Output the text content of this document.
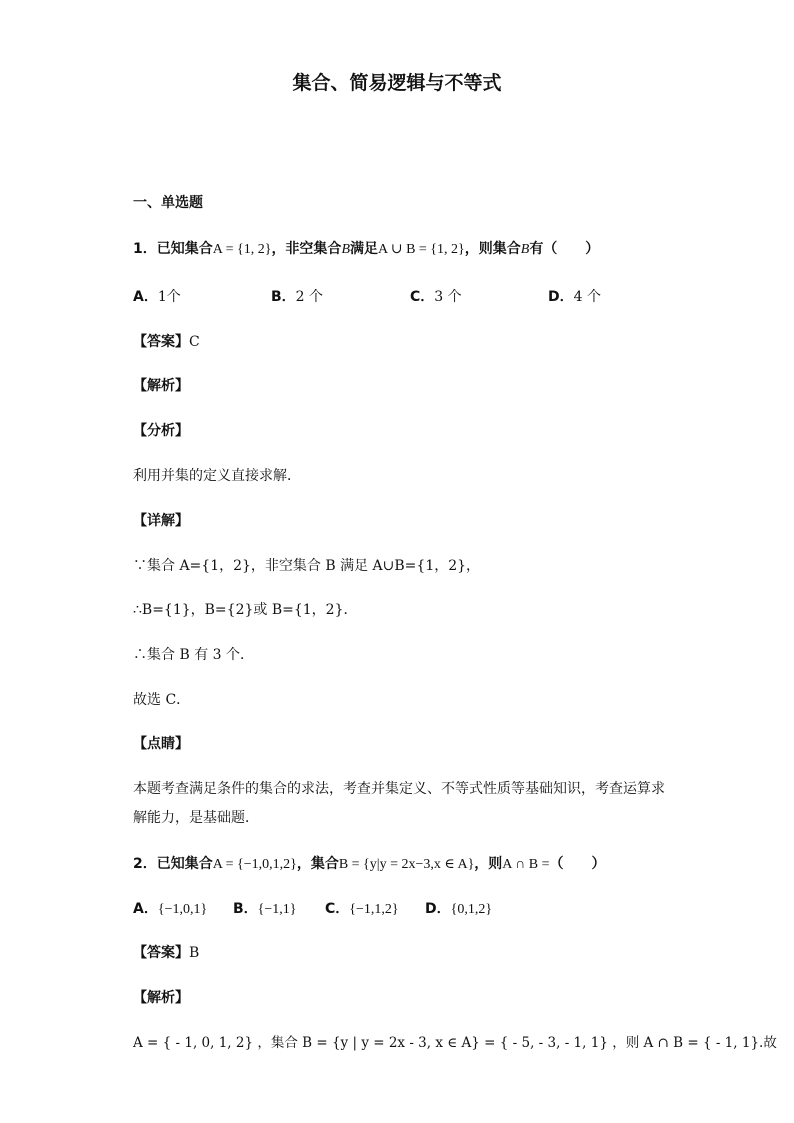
集合、简易逻辑与不等式
一、单选题
1．已知集合A = {1, 2}，非空集合B满足A ∪ B = {1, 2}，则集合B有（　　）
A．1个	B．2 个	C．3 个	D．4 个
【答案】C
【解析】
【分析】
利用并集的定义直接求解．
【详解】
∵集合 A={1，2}，非空集合 B 满足 A∪B={1，2}，
∴B={1}，B={2}或 B={1，2}．
∴集合 B 有 3 个．
故选 C．
【点睛】
本题考查满足条件的集合的求法，考查并集定义、不等式性质等基础知识，考查运算求
解能力，是基础题．
2．已知集合A = {−1,0,1,2}，集合B = {y|y = 2x−3,x ∈ A}，则A ∩ B =（　　）
A．{−1,0,1} B．{−1,1} C．{−1,1,2} D．{0,1,2}
【答案】B
【解析】
A = { - 1, 0, 1, 2} ，集合 B = {y | y = 2x - 3, x ∈ A} = { - 5, - 3, - 1, 1} ，则 A ∩ B = { - 1, 1}.故
